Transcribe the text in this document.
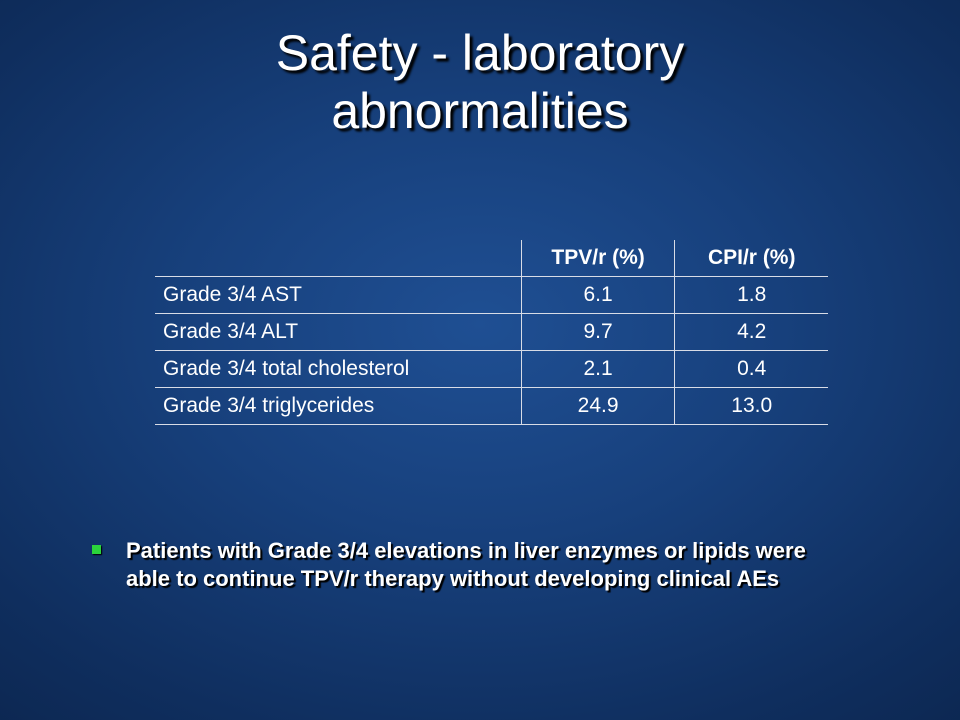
Safety - laboratory
abnormalities
	TPV/r (%)	CPI/r (%)
Grade 3/4 AST	6.1	1.8
Grade 3/4 ALT	9.7	4.2
Grade 3/4 total cholesterol	2.1	0.4
Grade 3/4 triglycerides	24.9	13.0
Patients with Grade 3/4 elevations in liver enzymes or lipids were able to continue TPV/r therapy without developing clinical AEs
